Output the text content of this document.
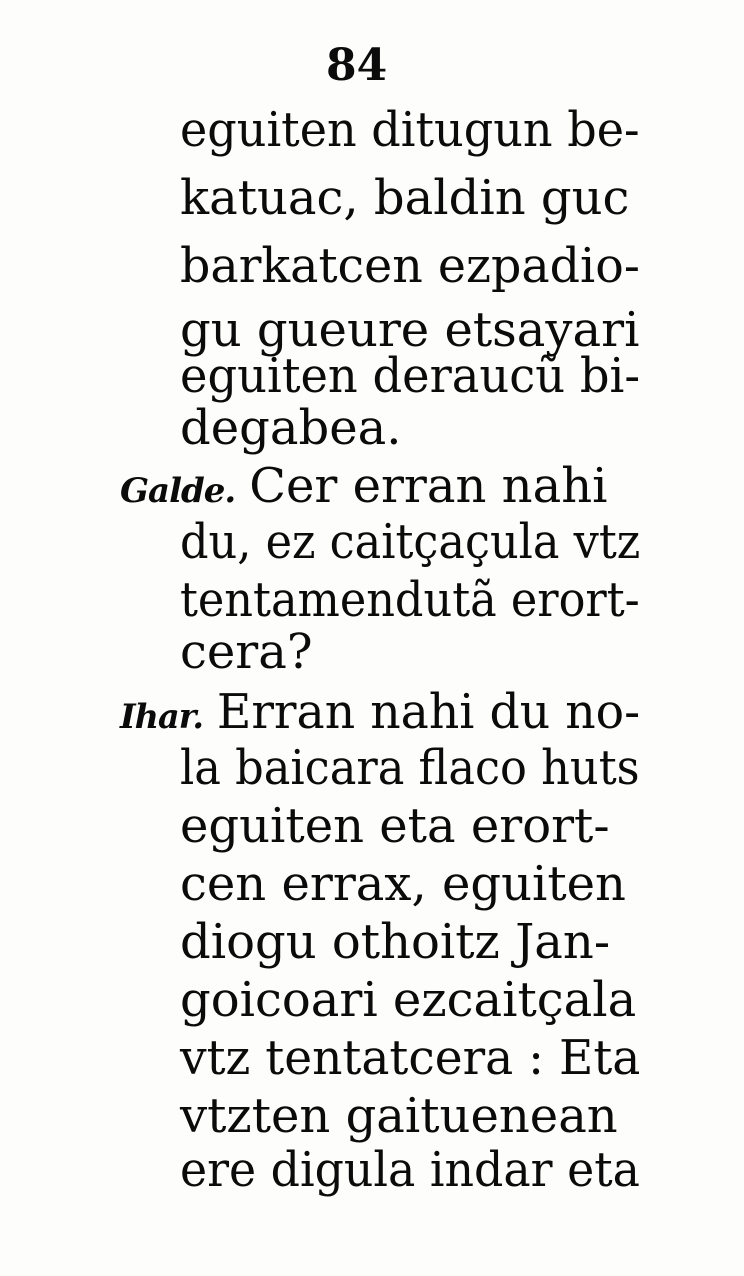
84
eguiten ditugun be-
katuac, baldin guc
barkatcen ezpadio-
gu gueure etsayari
eguiten deraucũ bi-
degabea.
Galde. Cer erran nahi
du, ez caitçaçula vtz
tentamendutã erort-
cera?
Ihar. Erran nahi du no-
la baicara flaco huts
eguiten eta erort-
cen errax, eguiten
diogu othoitz Jan-
goicoari ezcaitçala
vtz tentatcera : Eta
vtzten gaituenean
ere digula indar eta
